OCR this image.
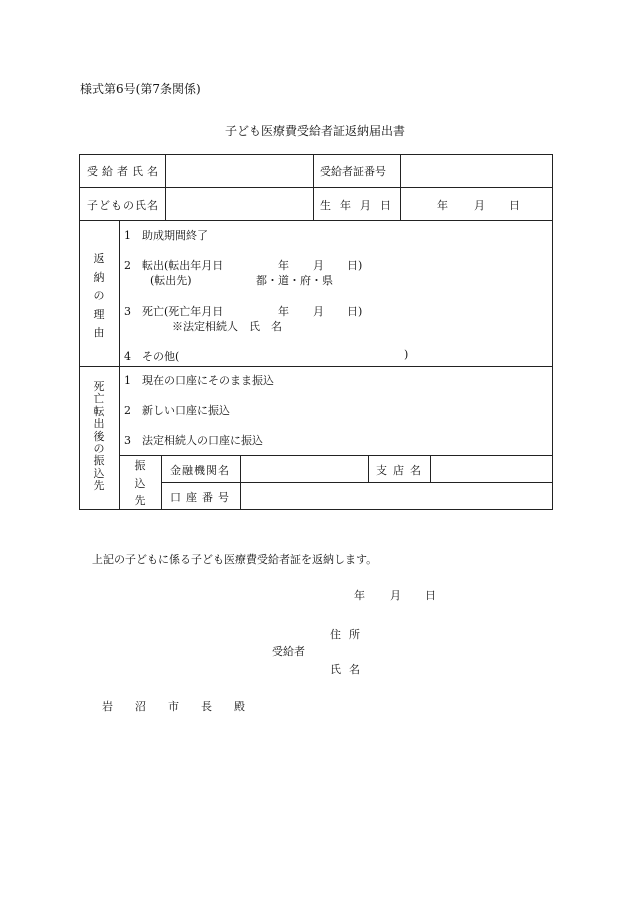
様式第6号(第7条関係)
子ども医療費受給者証返納届出書
受給者氏名	受給者証番号
子どもの氏名	生年月日	年 月 日
返
納
の
理
由
1　助成期間終了
2　転出(転出年月日	年 月 日)
(転出先)	都・道・府・県
3　死亡(死亡年月日	年 月 日)
※法定相続人　氏　名
4　その他(	)
死
亡
転
出
後
の
振
込
先
1　現在の口座にそのまま振込
2　新しい口座に振込
3　法定相続人の口座に振込
振
込
先
金融機関名	支店名
口座番号
上記の子どもに係る子ども医療費受給者証を返納します。
年 月 日
住所
受給者
氏名
岩沼市長殿
